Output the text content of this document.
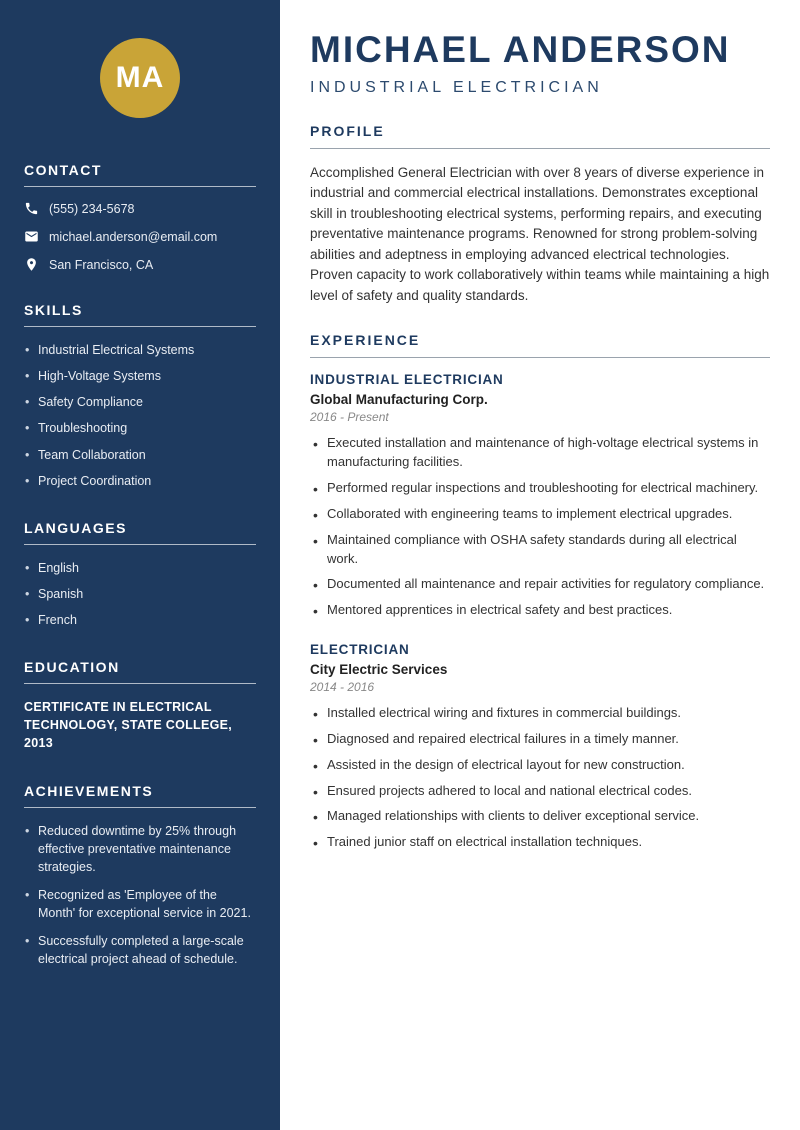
MA
CONTACT
(555) 234-5678
michael.anderson@email.com
San Francisco, CA
SKILLS
• Industrial Electrical Systems
• High-Voltage Systems
• Safety Compliance
• Troubleshooting
• Team Collaboration
• Project Coordination
LANGUAGES
• English
• Spanish
• French
EDUCATION
CERTIFICATE IN ELECTRICAL TECHNOLOGY, STATE COLLEGE, 2013
ACHIEVEMENTS
• Reduced downtime by 25% through effective preventative maintenance strategies.
• Recognized as 'Employee of the Month' for exceptional service in 2021.
• Successfully completed a large-scale electrical project ahead of schedule.
MICHAEL ANDERSON
INDUSTRIAL ELECTRICIAN
PROFILE

Accomplished General Electrician with over 8 years of diverse experience in industrial and commercial electrical installations. Demonstrates exceptional skill in troubleshooting electrical systems, performing repairs, and executing preventative maintenance programs. Renowned for strong problem-solving abilities and adeptness in employing advanced electrical technologies. Proven capacity to work collaboratively within teams while maintaining a high level of safety and quality standards.

EXPERIENCE
INDUSTRIAL ELECTRICIAN
Global Manufacturing Corp.
2016 - Present
• Executed installation and maintenance of high-voltage electrical systems in manufacturing facilities.
• Performed regular inspections and troubleshooting for electrical machinery.
• Collaborated with engineering teams to implement electrical upgrades.
• Maintained compliance with OSHA safety standards during all electrical work.
• Documented all maintenance and repair activities for regulatory compliance.
• Mentored apprentices in electrical safety and best practices.
ELECTRICIAN
City Electric Services
2014 - 2016
• Installed electrical wiring and fixtures in commercial buildings.
• Diagnosed and repaired electrical failures in a timely manner.
• Assisted in the design of electrical layout for new construction.
• Ensured projects adhered to local and national electrical codes.
• Managed relationships with clients to deliver exceptional service.
• Trained junior staff on electrical installation techniques.
